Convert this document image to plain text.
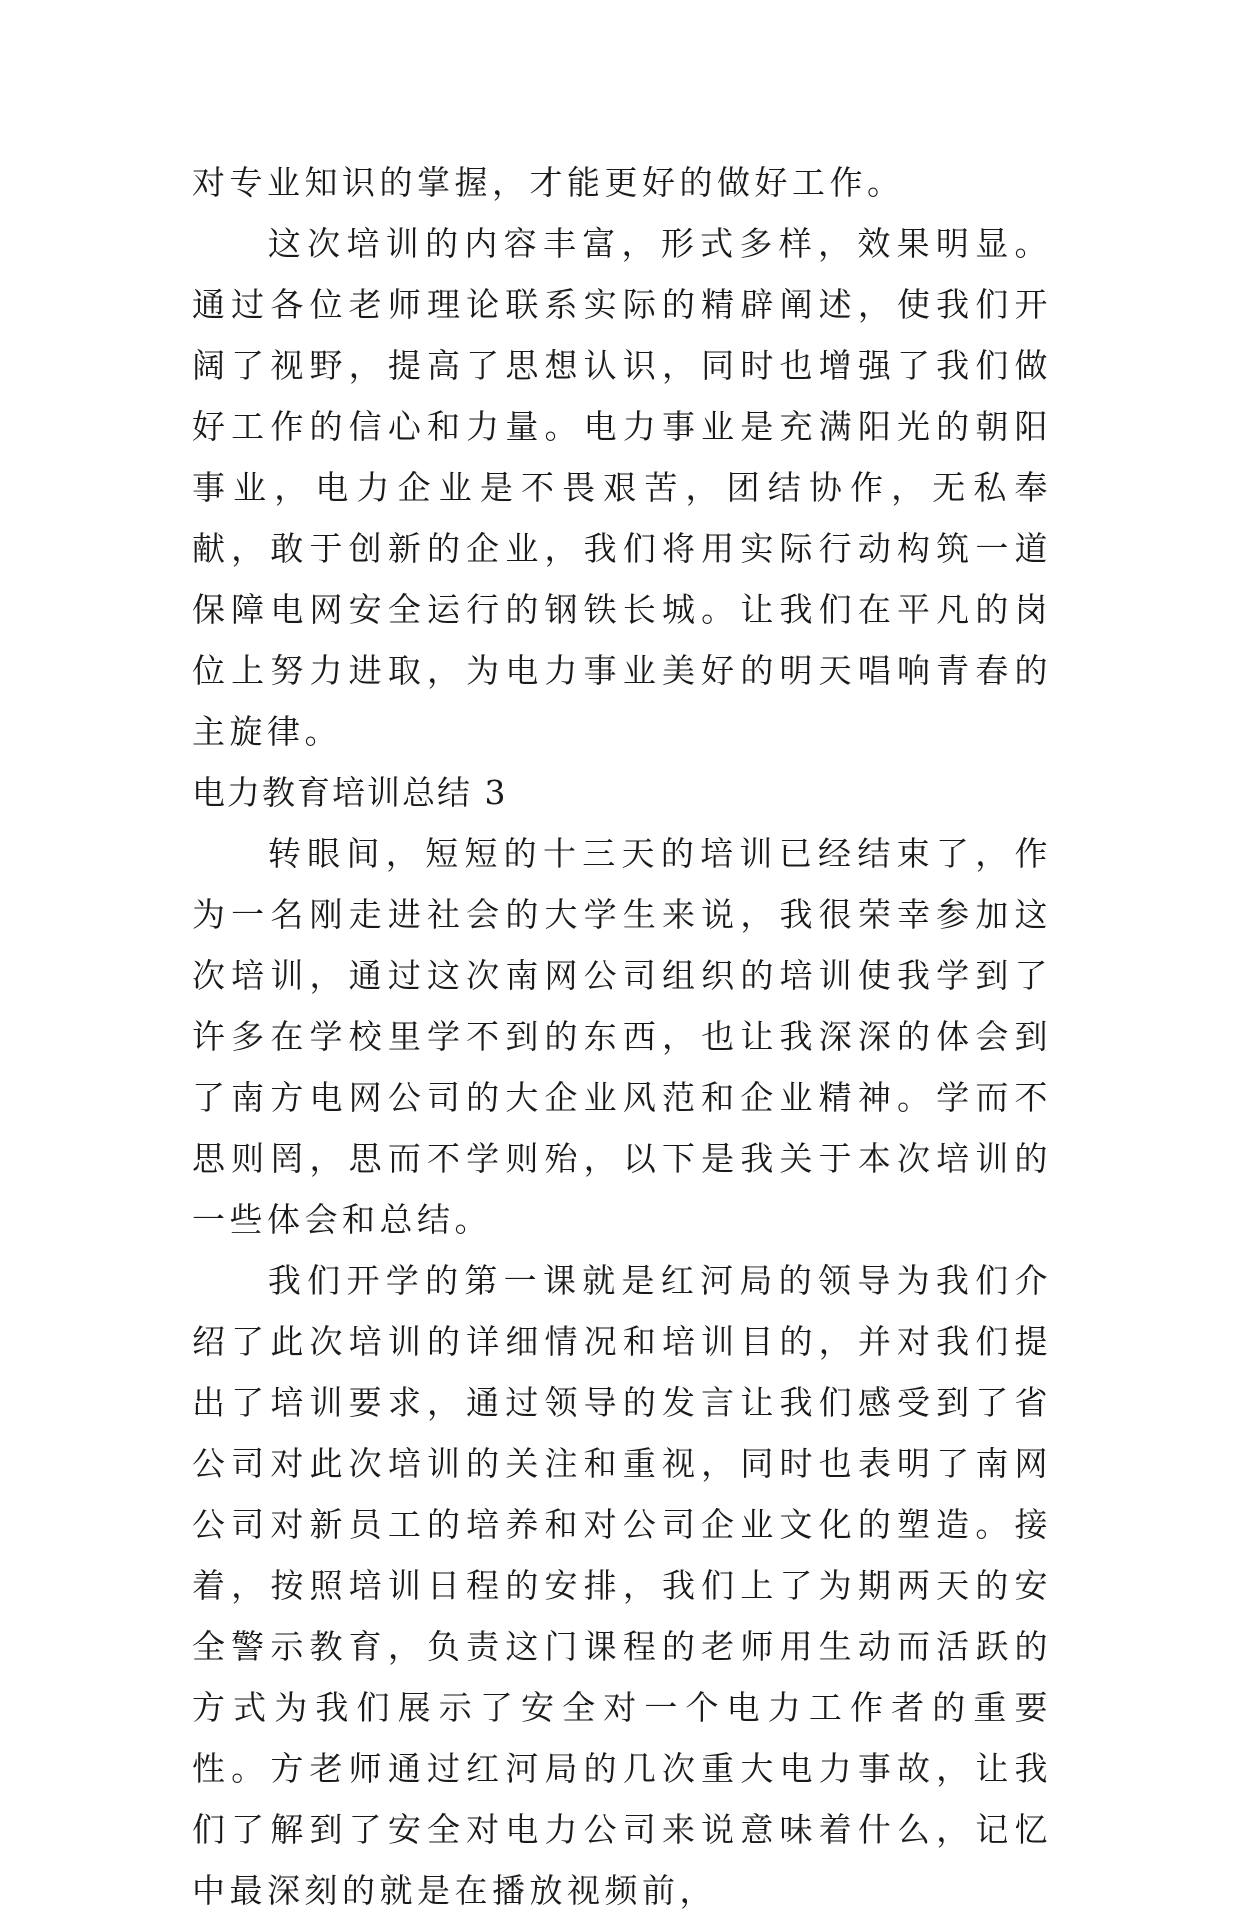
对专业知识的掌握，才能更好的做好工作。

这次培训的内容丰富，形式多样，效果明显。通过各位老师理论联系实际的精辟阐述，使我们开阔了视野，提高了思想认识，同时也增强了我们做好工作的信心和力量。电力事业是充满阳光的朝阳事业，电力企业是不畏艰苦，团结协作，无私奉献，敢于创新的企业，我们将用实际行动构筑一道保障电网安全运行的钢铁长城。让我们在平凡的岗位上努力进取，为电力事业美好的明天唱响青春的主旋律。

电力教育培训总结 3

转眼间，短短的十三天的培训已经结束了，作为一名刚走进社会的大学生来说，我很荣幸参加这次培训，通过这次南网公司组织的培训使我学到了许多在学校里学不到的东西，也让我深深的体会到了南方电网公司的大企业风范和企业精神。学而不思则罔，思而不学则殆，以下是我关于本次培训的一些体会和总结。

我们开学的第一课就是红河局的领导为我们介绍了此次培训的详细情况和培训目的，并对我们提出了培训要求，通过领导的发言让我们感受到了省公司对此次培训的关注和重视，同时也表明了南网公司对新员工的培养和对公司企业文化的塑造。接着，按照培训日程的安排，我们上了为期两天的安全警示教育，负责这门课程的老师用生动而活跃的方式为我们展示了安全对一个电力工作者的重要性。方老师通过红河局的几次重大电力事故，让我们了解到了安全对电力公司来说意味着什么，记忆中最深刻的就是在播放视频前，
